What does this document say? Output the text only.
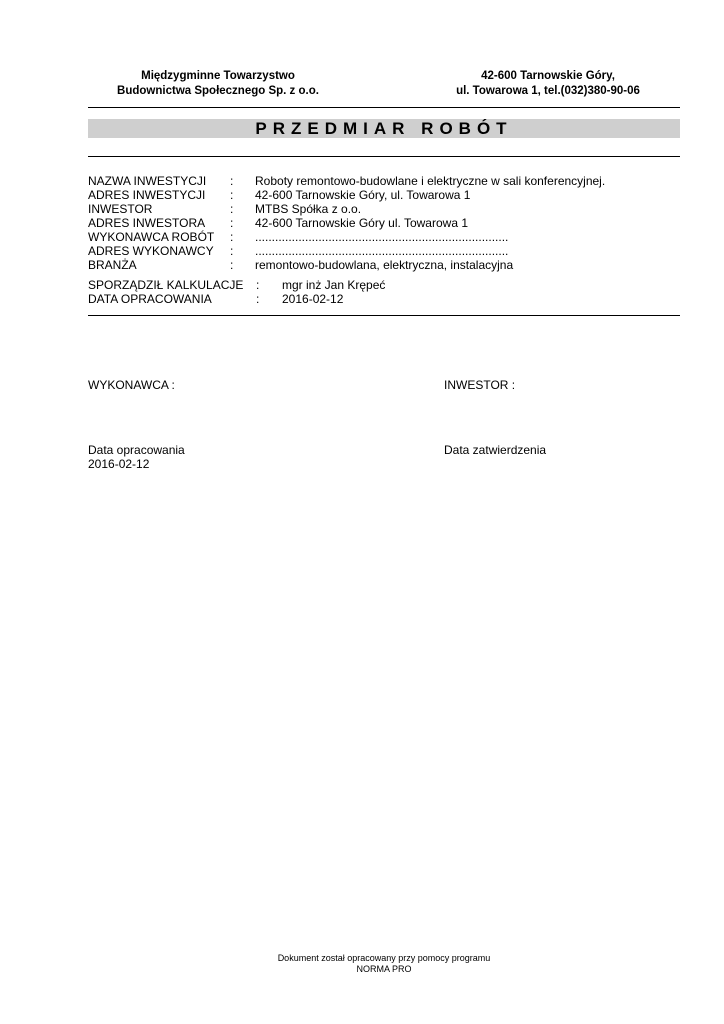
Międzygminne Towarzystwo
Budownictwa Społecznego Sp. z o.o.
42-600 Tarnowskie Góry,
ul. Towarowa 1, tel.(032)380-90-06
PRZEDMIAR ROBÓT
NAZWA INWESTYCJI : Roboty remontowo-budowlane i elektryczne w sali konferencyjnej.
ADRES INWESTYCJI : 42-600 Tarnowskie Góry, ul. Towarowa 1
INWESTOR	: MTBS Spółka z o.o.
ADRES INWESTORA : 42-600 Tarnowskie Góry ul. Towarowa 1
WYKONAWCA ROBÓT : ............................................................................
ADRES WYKONAWCY : ............................................................................
BRANŻA	: remontowo-budowlana, elektryczna, instalacyjna
SPORZĄDZIŁ KALKULACJE : mgr inż Jan Krępeć
DATA OPRACOWANIA	: 2016-02-12
WYKONAWCA :	INWESTOR :
Data opracowania
2016-02-12
Data zatwierdzenia
Dokument został opracowany przy pomocy programu
NORMA PRO
